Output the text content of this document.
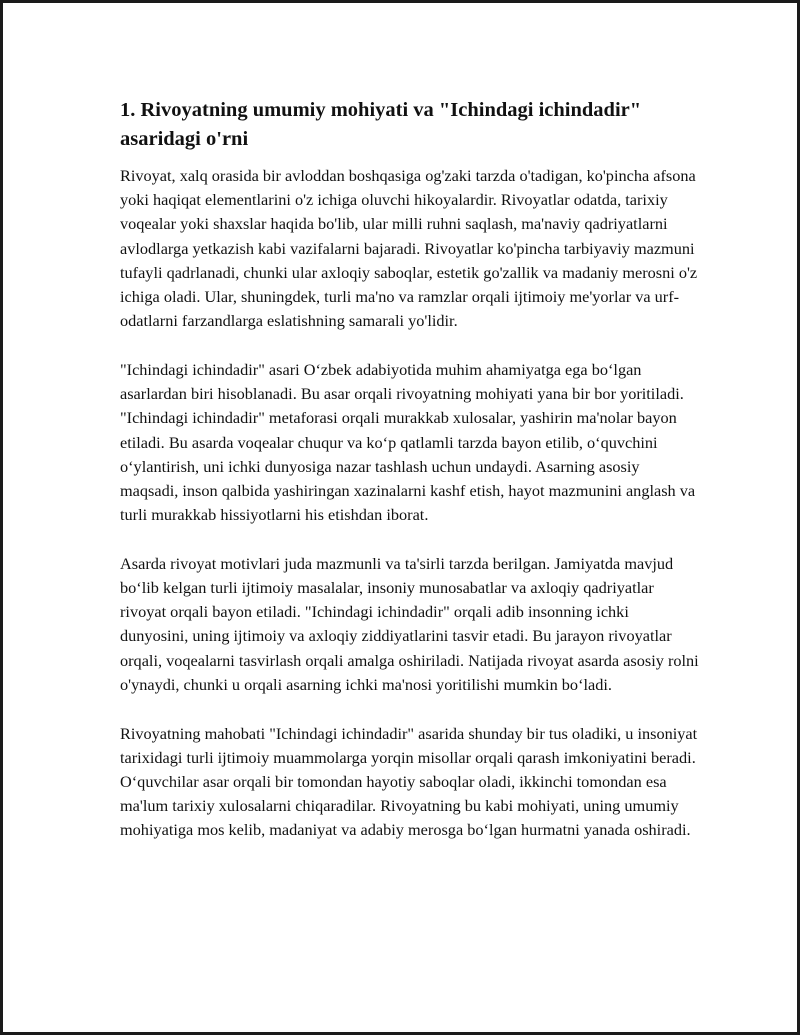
1. Rivoyatning umumiy mohiyati va "Ichindagi ichindadir" asaridagi o'rni

Rivoyat, xalq orasida bir avloddan boshqasiga og'zaki tarzda o'tadigan, ko'pincha afsona yoki haqiqat elementlarini o'z ichiga oluvchi hikoyalardir. Rivoyatlar odatda, tarixiy voqealar yoki shaxslar haqida bo'lib, ular milli ruhni saqlash, ma'naviy qadriyatlarni avlodlarga yetkazish kabi vazifalarni bajaradi. Rivoyatlar ko'pincha tarbiyaviy mazmuni tufayli qadrlanadi, chunki ular axloqiy saboqlar, estetik go'zallik va madaniy merosni o'z ichiga oladi. Ular, shuningdek, turli ma'no va ramzlar orqali ijtimoiy me'yorlar va urf-odatlarni farzandlarga eslatishning samarali yo'lidir.

"Ichindagi ichindadir" asari O‘zbek adabiyotida muhim ahamiyatga ega bo‘lgan asarlardan biri hisoblanadi. Bu asar orqali rivoyatning mohiyati yana bir bor yoritiladi. "Ichindagi ichindadir" metaforasi orqali murakkab xulosalar, yashirin ma'nolar bayon etiladi. Bu asarda voqealar chuqur va ko‘p qatlamli tarzda bayon etilib, o‘quvchini o‘ylantirish, uni ichki dunyosiga nazar tashlash uchun undaydi. Asarning asosiy maqsadi, inson qalbida yashiringan xazinalarni kashf etish, hayot mazmunini anglash va turli murakkab hissiyotlarni his etishdan iborat.

Asarda rivoyat motivlari juda mazmunli va ta'sirli tarzda berilgan. Jamiyatda mavjud bo‘lib kelgan turli ijtimoiy masalalar, insoniy munosabatlar va axloqiy qadriyatlar rivoyat orqali bayon etiladi. "Ichindagi ichindadir" orqali adib insonning ichki dunyosini, uning ijtimoiy va axloqiy ziddiyatlarini tasvir etadi. Bu jarayon rivoyatlar orqali, voqealarni tasvirlash orqali amalga oshiriladi. Natijada rivoyat asarda asosiy rolni o'ynaydi, chunki u orqali asarning ichki ma'nosi yoritilishi mumkin bo‘ladi.

Rivoyatning mahobati "Ichindagi ichindadir" asarida shunday bir tus oladiki, u insoniyat tarixidagi turli ijtimoiy muammolarga yorqin misollar orqali qarash imkoniyatini beradi. O‘quvchilar asar orqali bir tomondan hayotiy saboqlar oladi, ikkinchi tomondan esa ma'lum tarixiy xulosalarni chiqaradilar. Rivoyatning bu kabi mohiyati, uning umumiy mohiyatiga mos kelib, madaniyat va adabiy merosga bo‘lgan hurmatni yanada oshiradi.
